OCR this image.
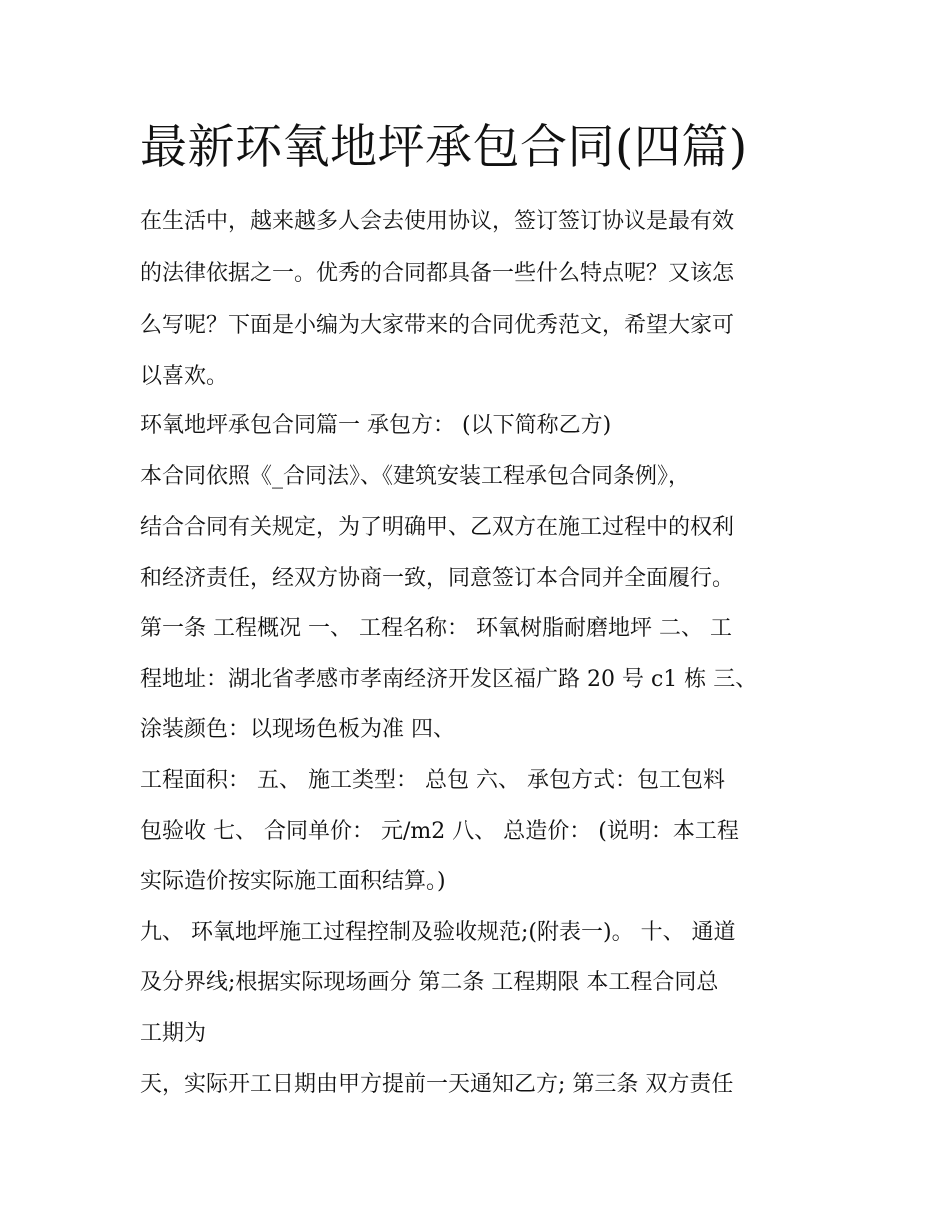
最新环氧地坪承包合同(四篇)

在生活中，越来越多人会去使用协议，签订签订协议是最有效

的法律依据之一。优秀的合同都具备一些什么特点呢？又该怎

么写呢？下面是小编为大家带来的合同优秀范文，希望大家可

以喜欢。

环氧地坪承包合同篇一 承包方： (以下简称乙方)

本合同依照《_合同法》、《建筑安装工程承包合同条例》，

结合合同有关规定，为了明确甲、乙双方在施工过程中的权利

和经济责任，经双方协商一致，同意签订本合同并全面履行。

第一条 工程概况 一、 工程名称： 环氧树脂耐磨地坪 二、 工

程地址：湖北省孝感市孝南经济开发区福广路 20 号 c1 栋 三、

涂装颜色：以现场色板为准 四、

工程面积： 五、 施工类型： 总包 六、 承包方式：包工包料

包验收 七、 合同单价： 元/m2 八、 总造价： (说明：本工程

实际造价按实际施工面积结算。)

九、 环氧地坪施工过程控制及验收规范;(附表一)。 十、 通道

及分界线;根据实际现场画分 第二条 工程期限 本工程合同总

工期为

天，实际开工日期由甲方提前一天通知乙方; 第三条 双方责任
